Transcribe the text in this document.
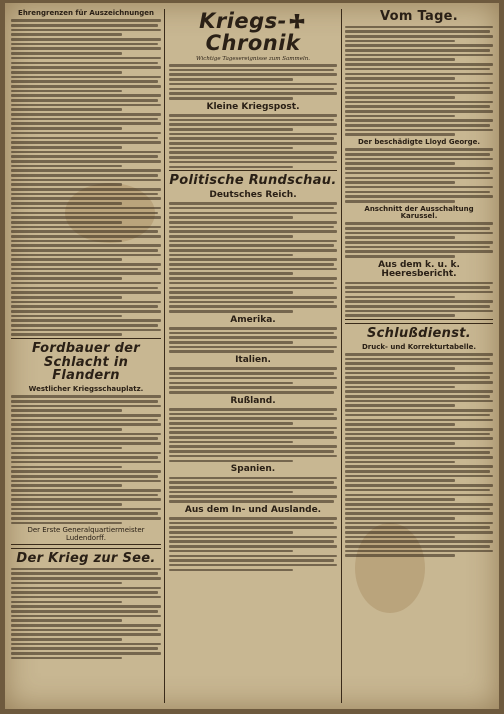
Ehrengrenzen für Auszeichnungen
Fordbauer der Schlacht in Flandern
Westlicher Kriegsschauplatz.
Der Erste Generalquartiermeister Ludendorff.
Der Krieg zur See.
Kriegs-Chronik
Wichtige Tagesereignisse zum Sammeln.
Kleine Kriegspost.
Politische Rundschau.
Deutsches Reich.
Amerika.
Italien.
Rußland.
Spanien.
Aus dem In- und Auslande.
Vom Tage.
Der beschädigte Lloyd George.
Anschnitt der Ausschaltung Karussel.
Aus dem k. u. k. Heeresbericht.
Schlußdienst.
Druck- und Korrekturtabelle.
